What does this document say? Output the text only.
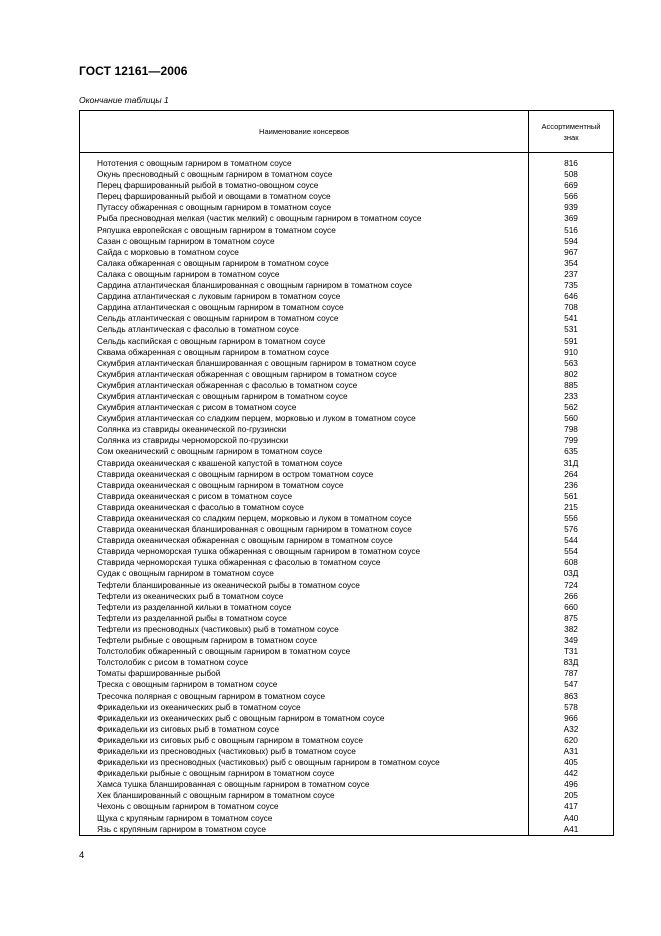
ГОСТ 12161—2006
Окончание таблицы 1
Наименование консервов
Ассортиментный
знак
Нототения с овощным гарниром в томатном соусе	816
Окунь пресноводный с овощным гарниром в томатном соусе	508
Перец фаршированный рыбой в томатно-овощном соусе	669
Перец фаршированный рыбой и овощами в томатном соусе	566
Путассу обжаренная с овощным гарниром в томатном соусе	939
Рыба пресноводная мелкая (частик мелкий) с овощным гарниром в томатном соусе	369
Ряпушка европейская с овощным гарниром в томатном соусе	516
Сазан с овощным гарниром в томатном соусе	594
Сайда с морковью в томатном соусе	967
Салака обжаренная с овощным гарниром в томатном соусе	354
Салака с овощным гарниром в томатном соусе	237
Сардина атлантическая бланшированная с овощным гарниром в томатном соусе	735
Сардина атлантическая с луковым гарниром в томатном соусе	646
Сардина атлантическая с овощным гарниром в томатном соусе	708
Сельдь атлантическая с овощным гарниром в томатном соусе	541
Сельдь атлантическая с фасолью в томатном соусе	531
Сельдь каспийская с овощным гарниром в томатном соусе	591
Сквама обжаренная с овощным гарниром в томатном соусе	910
Скумбрия атлантическая бланшированная с овощным гарниром в томатном соусе	563
Скумбрия атлантическая обжаренная с овощным гарниром в томатном соусе	802
Скумбрия атлантическая обжаренная с фасолью в томатном соусе	885
Скумбрия атлантическая с овощным гарниром в томатном соусе	233
Скумбрия атлантическая с рисом в томатном соусе	562
Скумбрия атлантическая со сладким перцем, морковью и луком в томатном соусе	560
Солянка из ставриды океанической по-грузински	798
Солянка из ставриды черноморской по-грузински	799
Сом океанический с овощным гарниром в томатном соусе	635
Ставрида океаническая с квашеной капустой в томатном соусе	31Д
Ставрида океаническая с овощным гарниром в остром томатном соусе	264
Ставрида океаническая с овощным гарниром в томатном соусе	236
Ставрида океаническая с рисом в томатном соусе	561
Ставрида океаническая с фасолью в томатном соусе	215
Ставрида океаническая со сладким перцем, морковью и луком в томатном соусе	556
Ставрида океаническая бланшированная с овощным гарниром в томатном соусе	576
Ставрида океаническая обжаренная с овощным гарниром в томатном соусе	544
Ставрида черноморская тушка обжаренная с овощным гарниром в томатном соусе	554
Ставрида черноморская тушка обжаренная с фасолью в томатном соусе	608
Судак с овощным гарниром в томатном соусе	03Д
Тефтели бланшированные из океанической рыбы в томатном соусе	724
Тефтели из океанических рыб в томатном соусе	266
Тефтели из разделанной кильки в томатном соусе	660
Тефтели из разделанной рыбы в томатном соусе	875
Тефтели из пресноводных (частиковых) рыб в томатном соусе	382
Тефтели рыбные с овощным гарниром в томатном соусе	349
Толстолобик обжаренный с овощным гарниром в томатном соусе	Т31
Толстолобик с рисом в томатном соусе	83Д
Томаты фаршированные рыбой	787
Треска с овощным гарниром в томатном соусе	547
Тресочка полярная с овощным гарниром в томатном соусе	863
Фрикадельки из океанических рыб в томатном соусе	578
Фрикадельки из океанических рыб с овощным гарниром в томатном соусе	966
Фрикадельки из сиговых рыб в томатном соусе	А32
Фрикадельки из сиговых рыб с овощным гарниром в томатном соусе	620
Фрикадельки из пресноводных (частиковых) рыб в томатном соусе	А31
Фрикадельки из пресноводных (частиковых) рыб с овощным гарниром в томатном соусе	405
Фрикадельки рыбные с овощным гарниром в томатном соусе	442
Хамса тушка бланшированная с овощным гарниром в томатном соусе	496
Хек бланшированный с овощным гарниром в томатном соусе	205
Чехонь с овощным гарниром в томатном соусе	417
Щука с крупяным гарниром в томатном соусе	А40
Язь с крупяным гарниром в томатном соусе	А41
4
